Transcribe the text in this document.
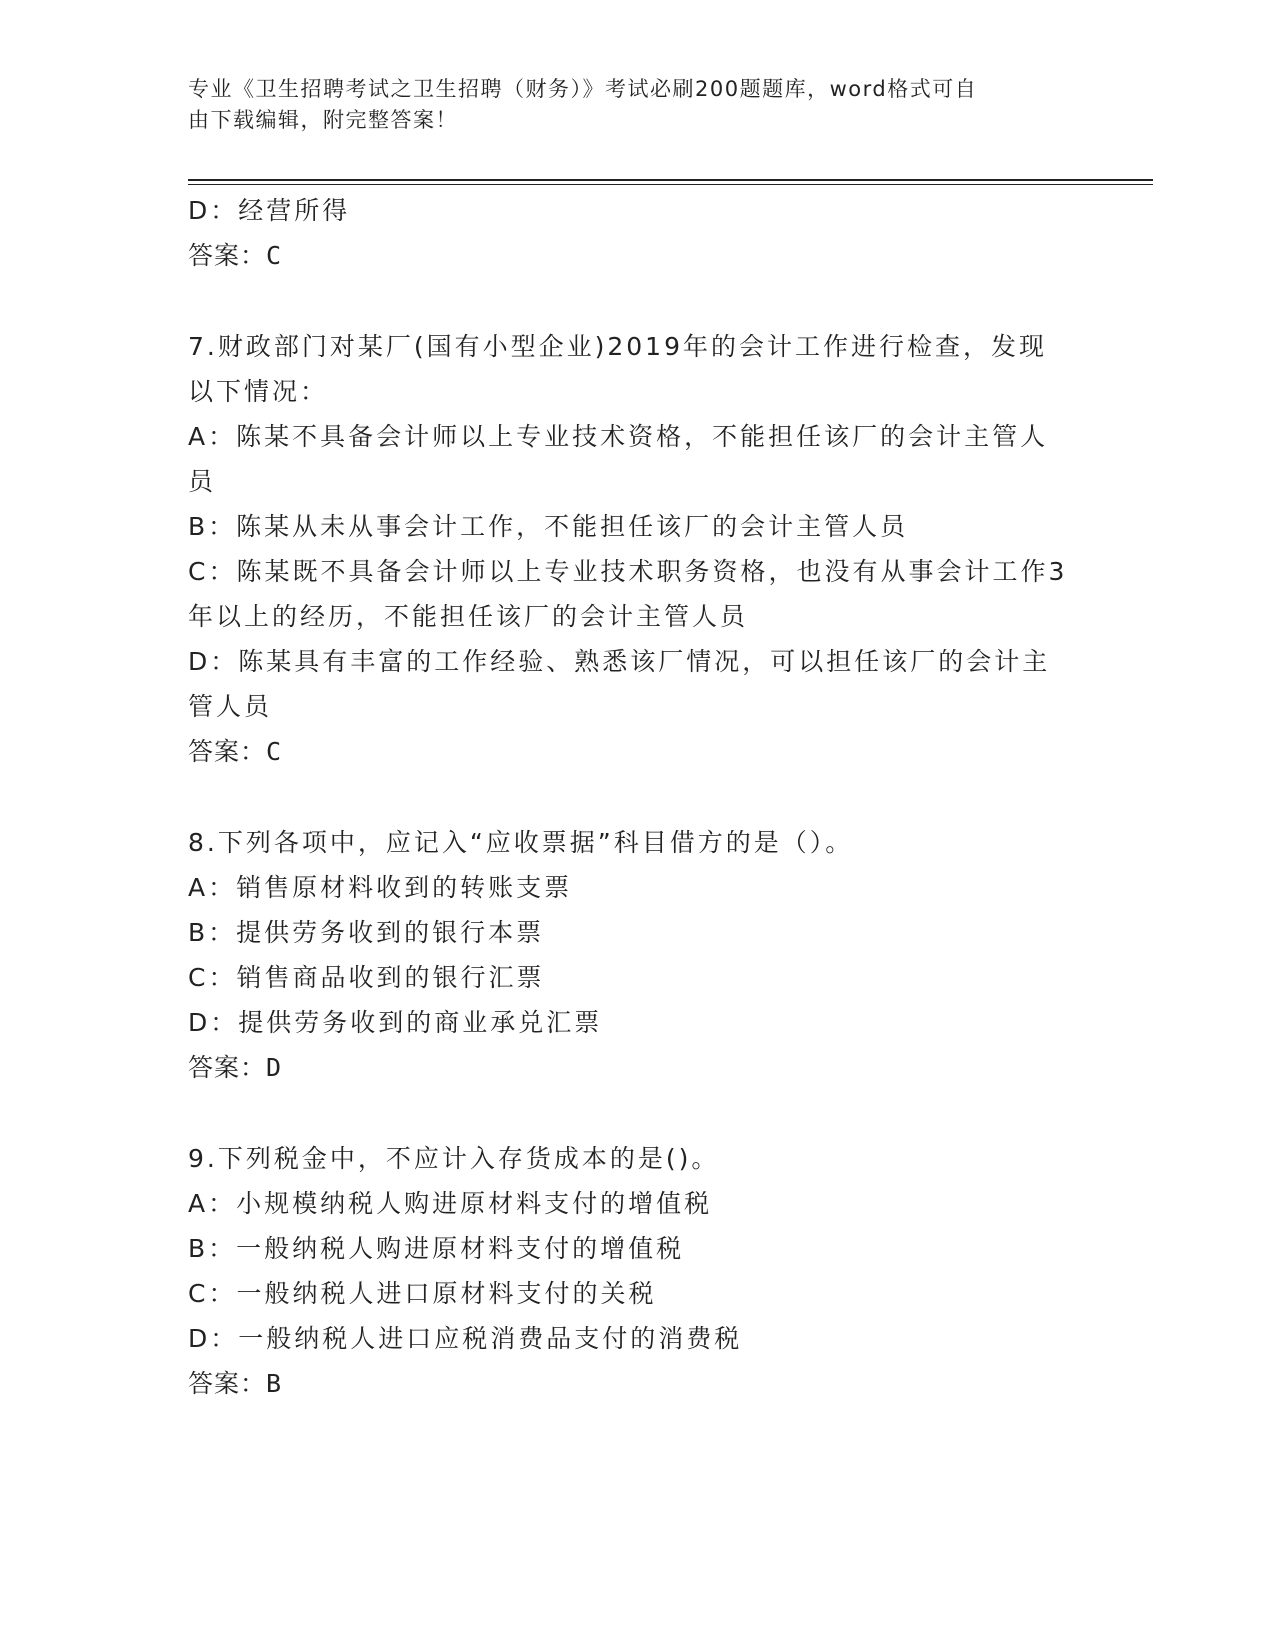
专业《卫生招聘考试之卫生招聘（财务）》考试必刷200题题库，word格式可自
由下载编辑，附完整答案！

D：经营所得

答案：C

7.财政部门对某厂(国有小型企业)2019年的会计工作进行检查，发现以下情况：

A：陈某不具备会计师以上专业技术资格，不能担任该厂的会计主管人员

B：陈某从未从事会计工作，不能担任该厂的会计主管人员

C：陈某既不具备会计师以上专业技术职务资格，也没有从事会计工作3年以上的经历，不能担任该厂的会计主管人员

D：陈某具有丰富的工作经验、熟悉该厂情况，可以担任该厂的会计主管人员

答案：C

8.下列各项中，应记入“应收票据”科目借方的是（）。

A：销售原材料收到的转账支票

B：提供劳务收到的银行本票

C：销售商品收到的银行汇票

D：提供劳务收到的商业承兑汇票

答案：D

9.下列税金中，不应计入存货成本的是()。

A：小规模纳税人购进原材料支付的增值税

B：一般纳税人购进原材料支付的增值税

C：一般纳税人进口原材料支付的关税

D：一般纳税人进口应税消费品支付的消费税

答案：B
